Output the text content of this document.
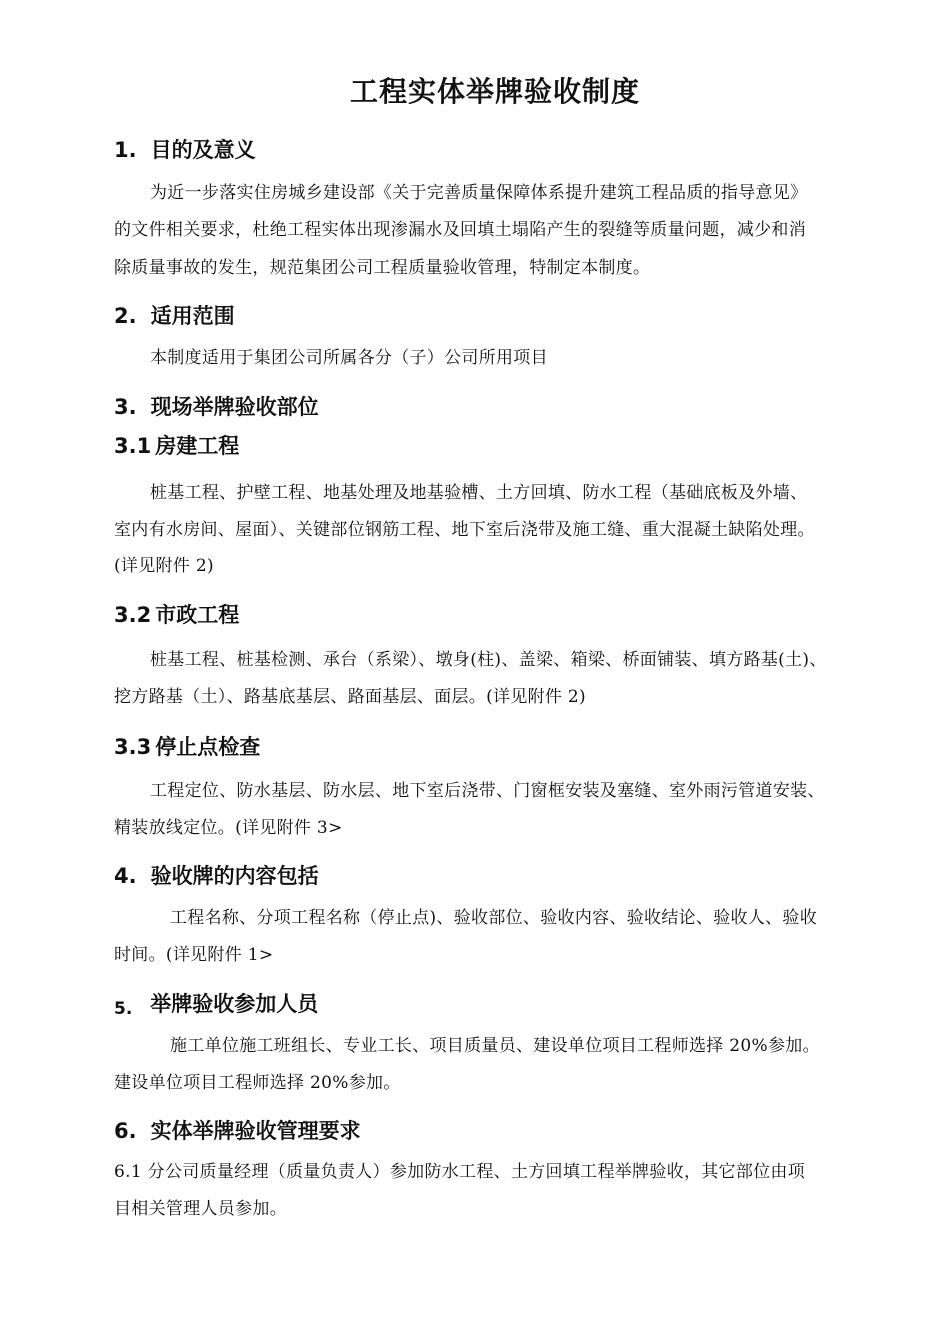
工程实体举牌验收制度
1. 目的及意义
为近一步落实住房城乡建设部《关于完善质量保障体系提升建筑工程品质的指导意见》
的文件相关要求，杜绝工程实体出现渗漏水及回填土塌陷产生的裂缝等质量问题，减少和消
除质量事故的发生，规范集团公司工程质量验收管理，特制定本制度。
2. 适用范围
本制度适用于集团公司所属各分（子）公司所用项目
3. 现场举牌验收部位
3.1 房建工程
桩基工程、护壁工程、地基处理及地基验槽、土方回填、防水工程（基础底板及外墙、
室内有水房间、屋面）、关键部位钢筋工程、地下室后浇带及施工缝、重大混凝土缺陷处理。
(详见附件 2)
3.2 市政工程
桩基工程、桩基检测、承台（系梁）、墩身(柱)、盖梁、箱梁、桥面铺装、填方路基(土)、
挖方路基（土）、路基底基层、路面基层、面层。(详见附件 2)
3.3 停止点检查
工程定位、防水基层、防水层、地下室后浇带、门窗框安装及塞缝、室外雨污管道安装、
精装放线定位。(详见附件 3>
4. 验收牌的内容包括
工程名称、分项工程名称（停止点)、验收部位、验收内容、验收结论、验收人、验收
时间。(详见附件 1>
5. 举牌验收参加人员
施工单位施工班组长、专业工长、项目质量员、建设单位项目工程师选择 20%参加。
建设单位项目工程师选择 20%参加。
6. 实体举牌验收管理要求
6.1 分公司质量经理（质量负责人）参加防水工程、土方回填工程举牌验收，其它部位由项
目相关管理人员参加。
